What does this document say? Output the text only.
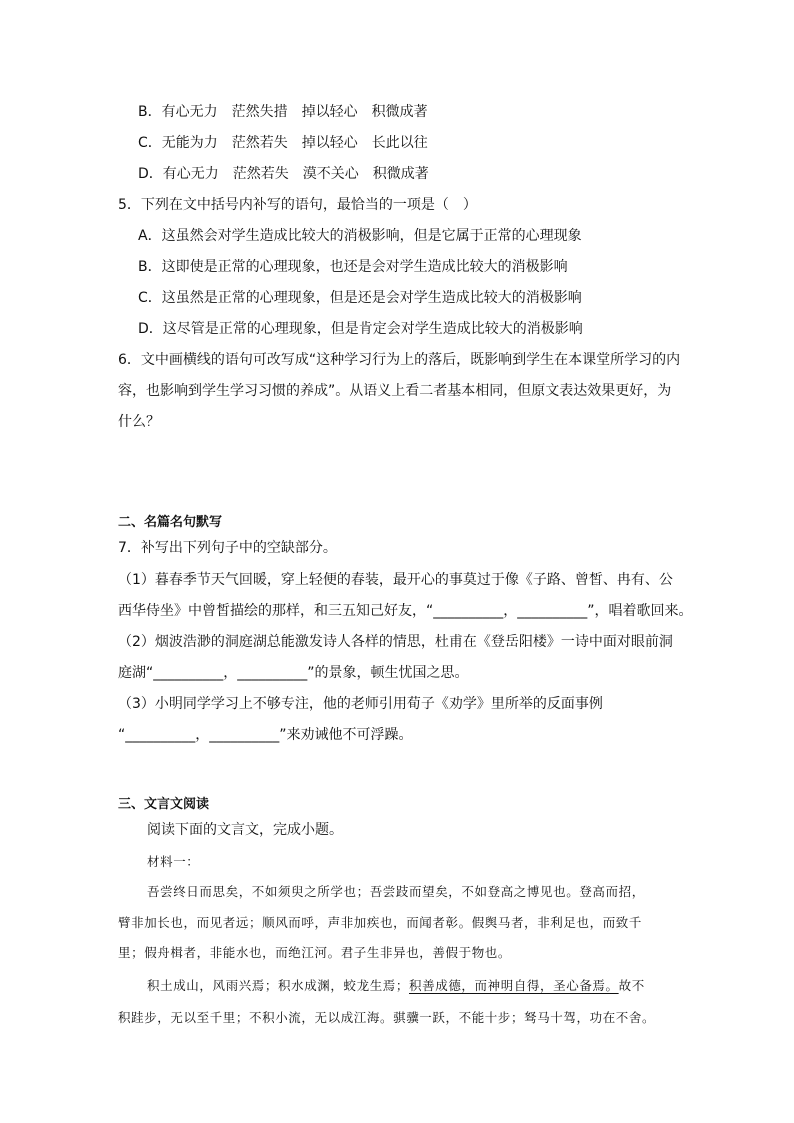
B．有心无力　茫然失措　掉以轻心　积微成著
C．无能为力　茫然若失　掉以轻心　长此以往
D．有心无力　茫然若失　漠不关心　积微成著
5．下列在文中括号内补写的语句，最恰当的一项是（　）
A．这虽然会对学生造成比较大的消极影响，但是它属于正常的心理现象
B．这即使是正常的心理现象，也还是会对学生造成比较大的消极影响
C．这虽然是正常的心理现象，但是还是会对学生造成比较大的消极影响
D．这尽管是正常的心理现象，但是肯定会对学生造成比较大的消极影响
6．文中画横线的语句可改写成“这种学习行为上的落后，既影响到学生在本课堂所学习的内
容，也影响到学生学习习惯的养成”。从语义上看二者基本相同，但原文表达效果更好，为
什么？
二、名篇名句默写
7．补写出下列句子中的空缺部分。
（1）暮春季节天气回暖，穿上轻便的春装，最开心的事莫过于像《子路、曾皙、冉有、公
西华侍坐》中曾皙描绘的那样，和三五知己好友，“__________，__________”，唱着歌回来。
（2）烟波浩渺的洞庭湖总能激发诗人各样的情思，杜甫在《登岳阳楼》一诗中面对眼前洞
庭湖“__________，__________”的景象，顿生忧国之思。
（3）小明同学学习上不够专注，他的老师引用荀子《劝学》里所举的反面事例
“__________，__________”来劝诫他不可浮躁。
三、文言文阅读
阅读下面的文言文，完成小题。
材料一：
吾尝终日而思矣，不如须臾之所学也；吾尝跂而望矣，不如登高之博见也。登高而招，
臂非加长也，而见者远；顺风而呼，声非加疾也，而闻者彰。假舆马者，非利足也，而致千
里；假舟楫者，非能水也，而绝江河。君子生非异也，善假于物也。
积土成山，风雨兴焉；积水成渊，蛟龙生焉；积善成德，而神明自得，圣心备焉。故不
积跬步，无以至千里；不积小流，无以成江海。骐骥一跃，不能十步；驽马十驾，功在不舍。
